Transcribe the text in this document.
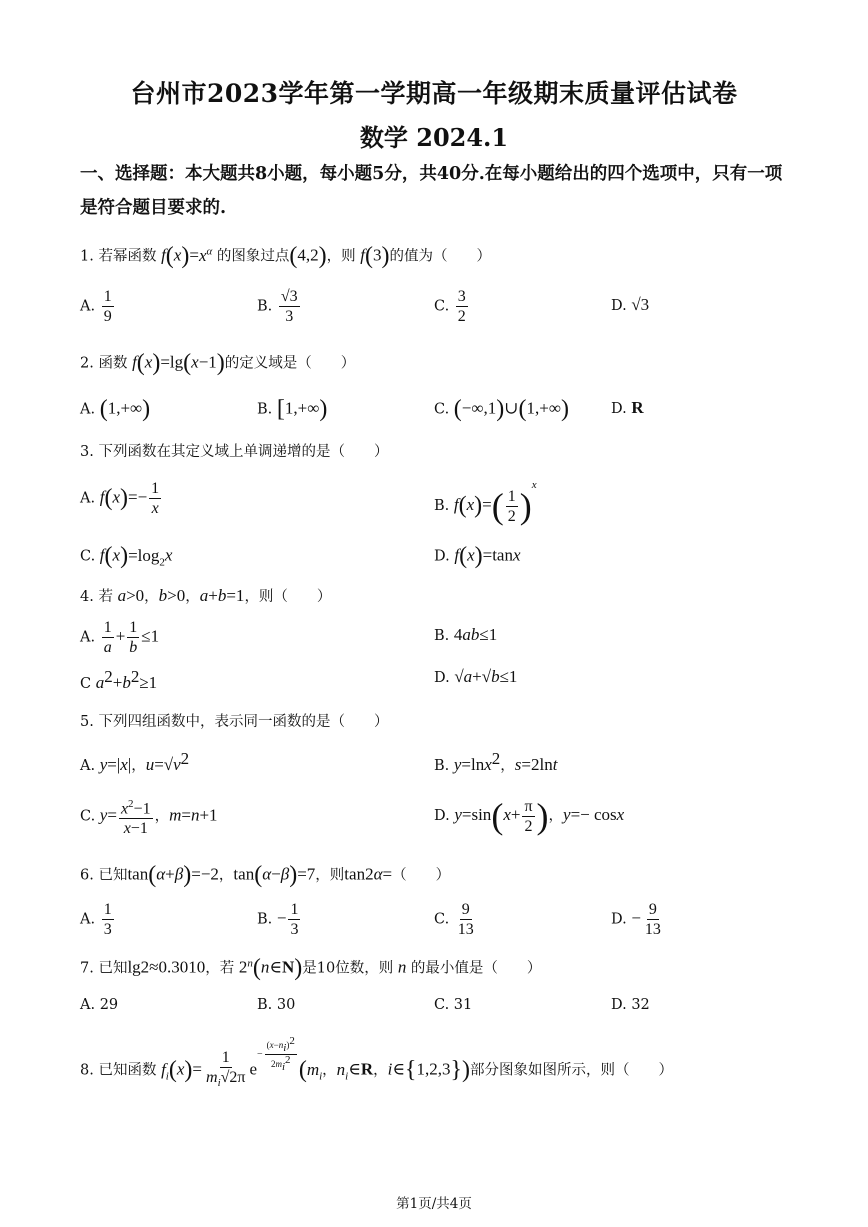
台州市2023学年第一学期高一年级期末质量评估试卷
数学 2024.1
一、选择题：本大题共8小题，每小题5分，共40分.在每小题给出的四个选项中，只有一项
是符合题目要求的.
1. 若幂函数 $f(x)=x^\alpha$ 的图象过点(4,2)，则 f(3)的值为（　　）
A. $\frac{1}{9}$	B. $\frac{√3}{3}$	C. $\frac{3}{2}$	D. √3
2. 函数 f(x)=lg(x−1)的定义域是（　　）
A. (1,+∞)	B. [1,+∞)	C. (−∞,1)∪(1,+∞)	D. R
3. 下列函数在其定义域上单调递增的是（　　）
A. $f(x)=- \frac{1}{x}$	B. $f(x)=( \frac{1}{2} )^x$
C. $f(x)=\log_2x$	D. f(x)=tanx
4. 若 a>0，b>0，a+b=1，则（　　）
A. $\frac{1}{a} + \frac{1}{b} \le 1$	B. 4ab≤1
C $a^2+b^2\ge 1$	D. √a+√b≤1
5. 下列四组函数中，表示同一函数的是（　　）
A. y=|x|，$u=√v^2$	B. y=lnx$^2$，s=2lnt
C. $y= \frac{x^2-1}{x-1}$ ，m=n+1	D. $y=\sin(x+ \frac{\pi}{2}$ )，y=− cosx
6. 已知tan(α+β)=−2，tan(α−β)=7，则tan2α=（　　）
A. $\frac{1}{3}$	B. − $\frac{1}{3}$	C. $\frac{9}{13}$	D. − $\frac{9}{13}$
7. 已知lg2≈0.3010，若 2$^n$(n∈N)是10位数，则 n 的最小值是（　　）
A. 29	B. 30	C. 31	D. 32
8. 已知函数 $f_i(x)= \frac{1}{m_i√2\pi} e^{- \frac{(x-n_i)^2}{2m_i^2}}$ ($m_i$，$n_i\in R$，i∈{1,2,3})部分图象如图所示，则（　　）
第1页/共4页
